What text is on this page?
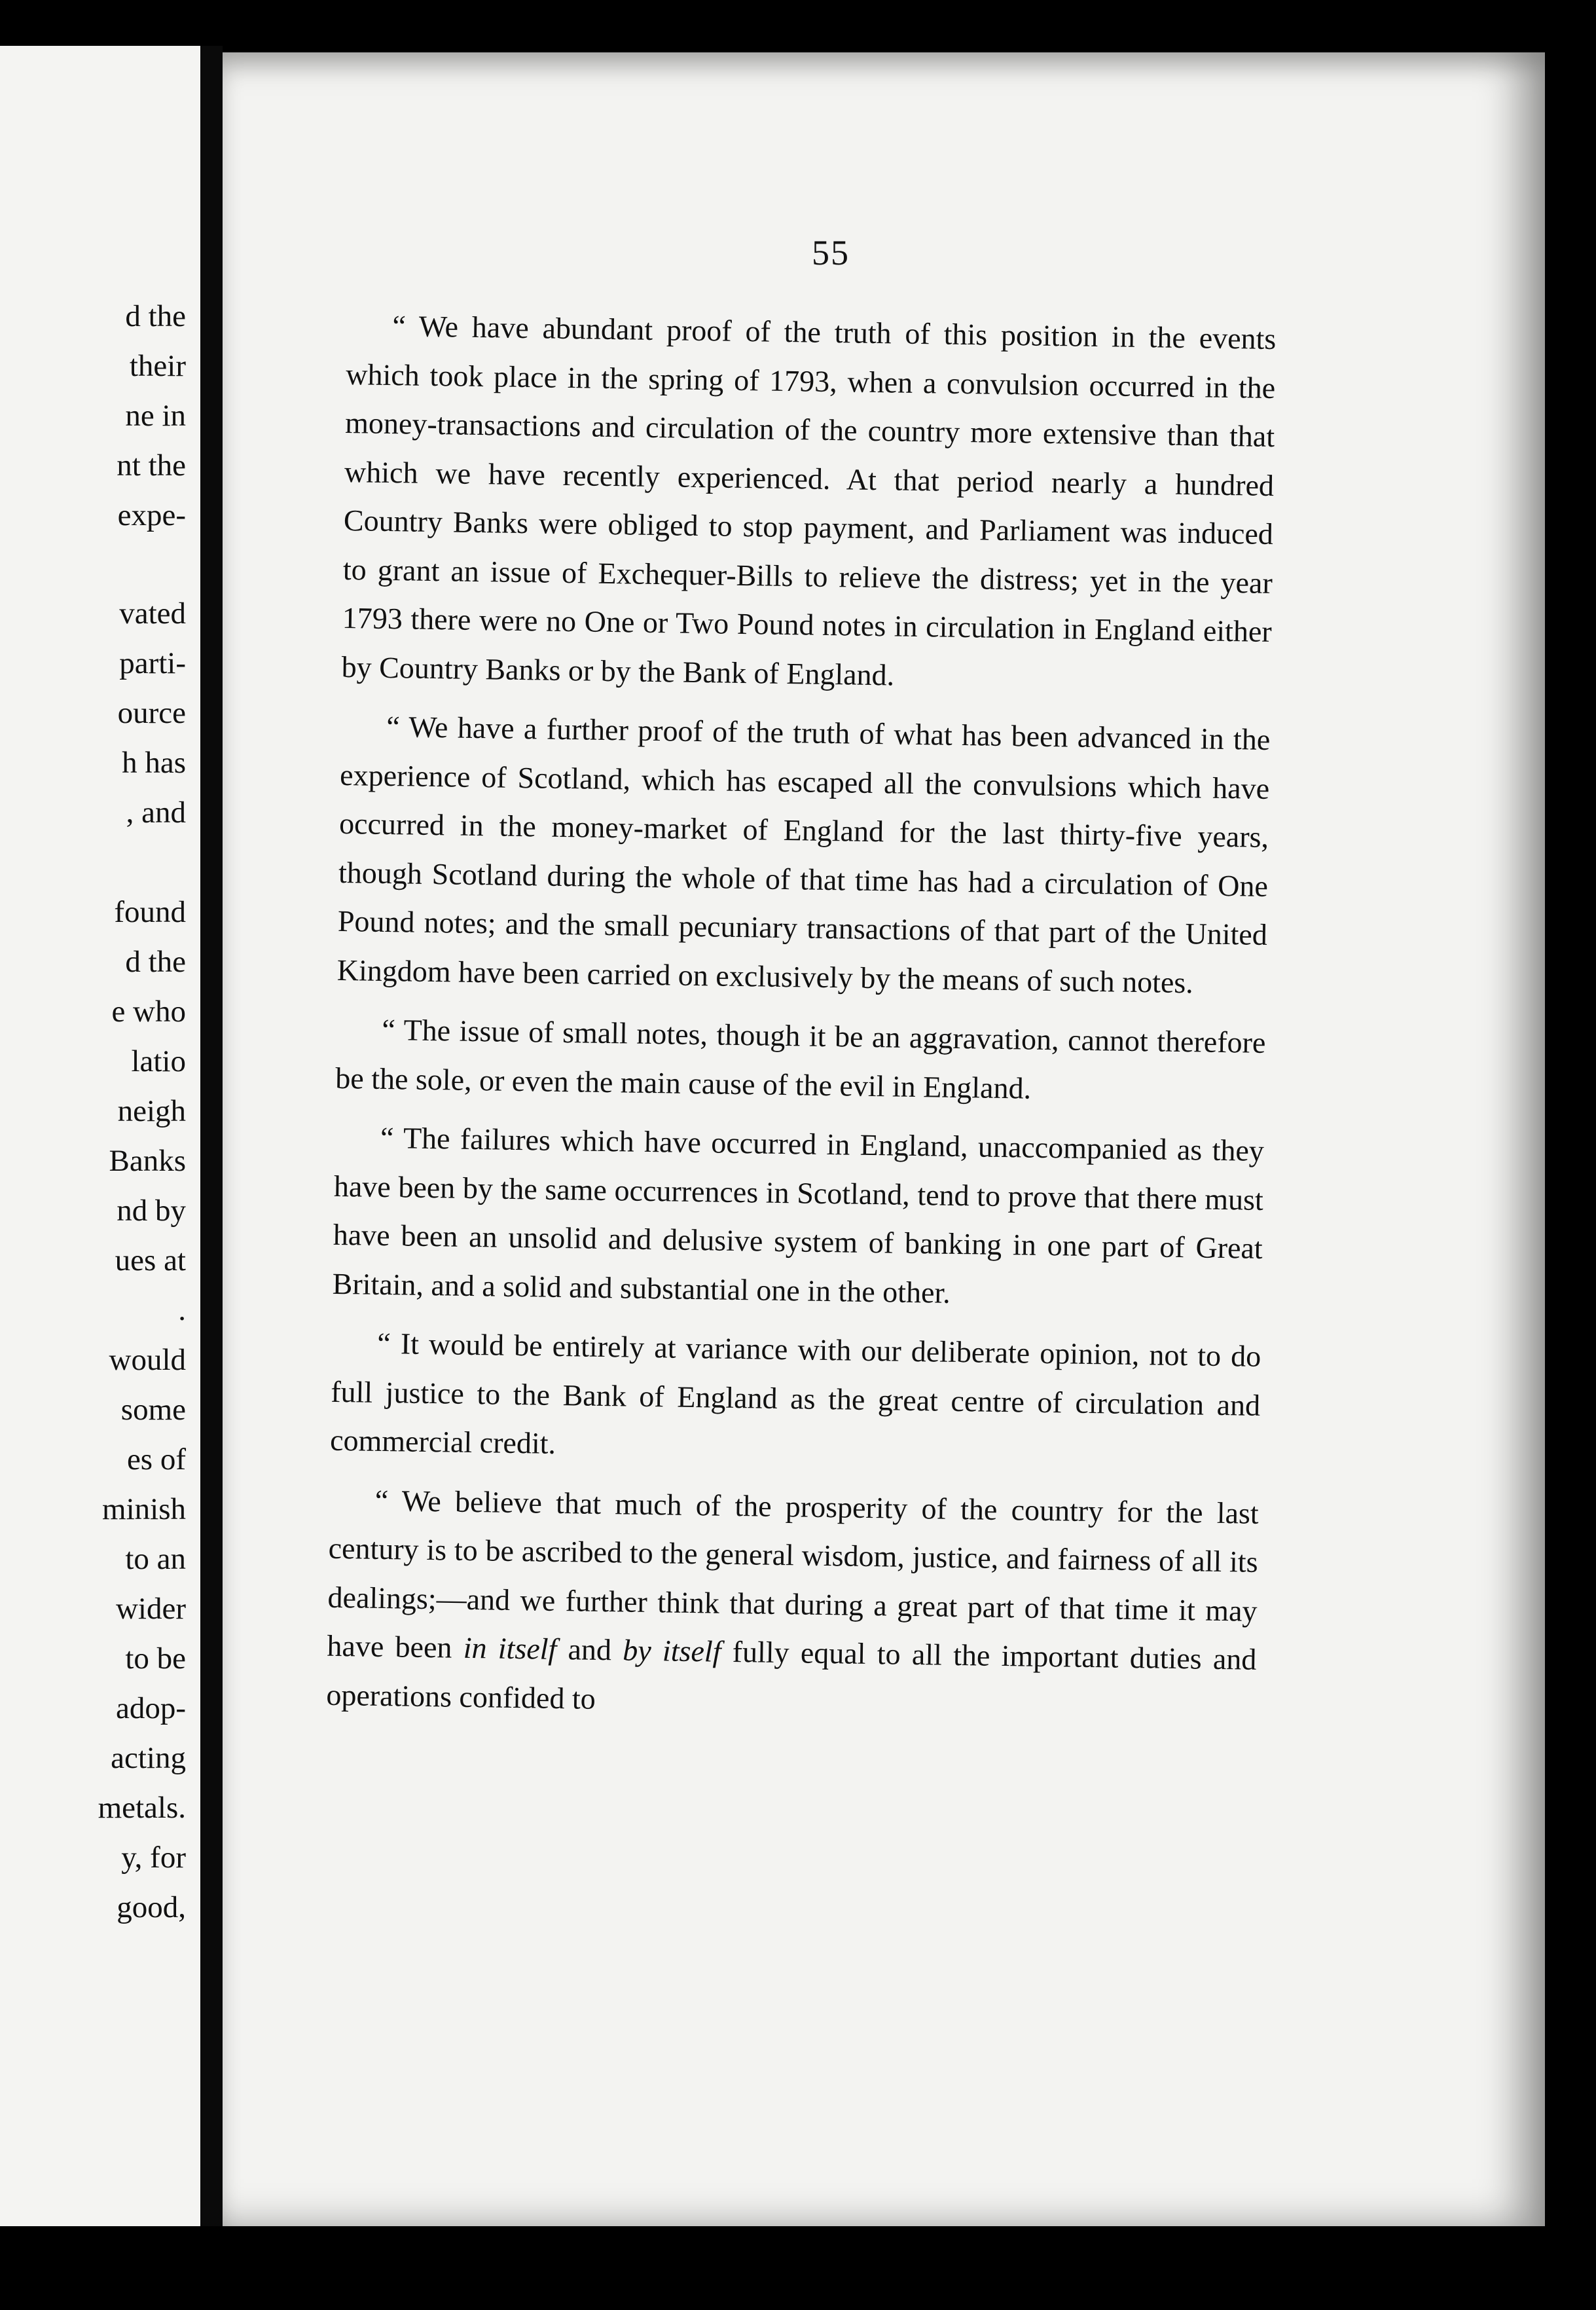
d the
their
ne in
nt the
expe-
vated
parti-
ource
h has
, and
found
d the
e who
latio
neigh
Banks
nd by
ues at
.
would
some
es of
minish
to an
wider
to be
adop-
acting
metals.
y, for
good,
55

“ We have abundant proof of the truth of this position in the events which took place in the spring of 1793, when a convulsion occurred in the money-transactions and circulation of the country more extensive than that which we have recently experienced. At that period nearly a hundred Country Banks were obliged to stop payment, and Parliament was induced to grant an issue of Exchequer-Bills to relieve the distress; yet in the year 1793 there were no One or Two Pound notes in circulation in England either by Country Banks or by the Bank of England.

“ We have a further proof of the truth of what has been advanced in the experience of Scotland, which has escaped all the convulsions which have occurred in the money-market of England for the last thirty-five years, though Scotland during the whole of that time has had a circulation of One Pound notes; and the small pecuniary transactions of that part of the United Kingdom have been carried on exclusively by the means of such notes.

“ The issue of small notes, though it be an aggravation, cannot therefore be the sole, or even the main cause of the evil in England.

“ The failures which have occurred in England, unaccompanied as they have been by the same occurrences in Scotland, tend to prove that there must have been an unsolid and delusive system of banking in one part of Great Britain, and a solid and substantial one in the other.

“ It would be entirely at variance with our deliberate opinion, not to do full justice to the Bank of England as the great centre of circulation and commercial credit.

“ We believe that much of the prosperity of the country for the last century is to be ascribed to the general wisdom, justice, and fairness of all its dealings;—and we further think that during a great part of that time it may have been in itself and by itself fully equal to all the important duties and operations confided to
